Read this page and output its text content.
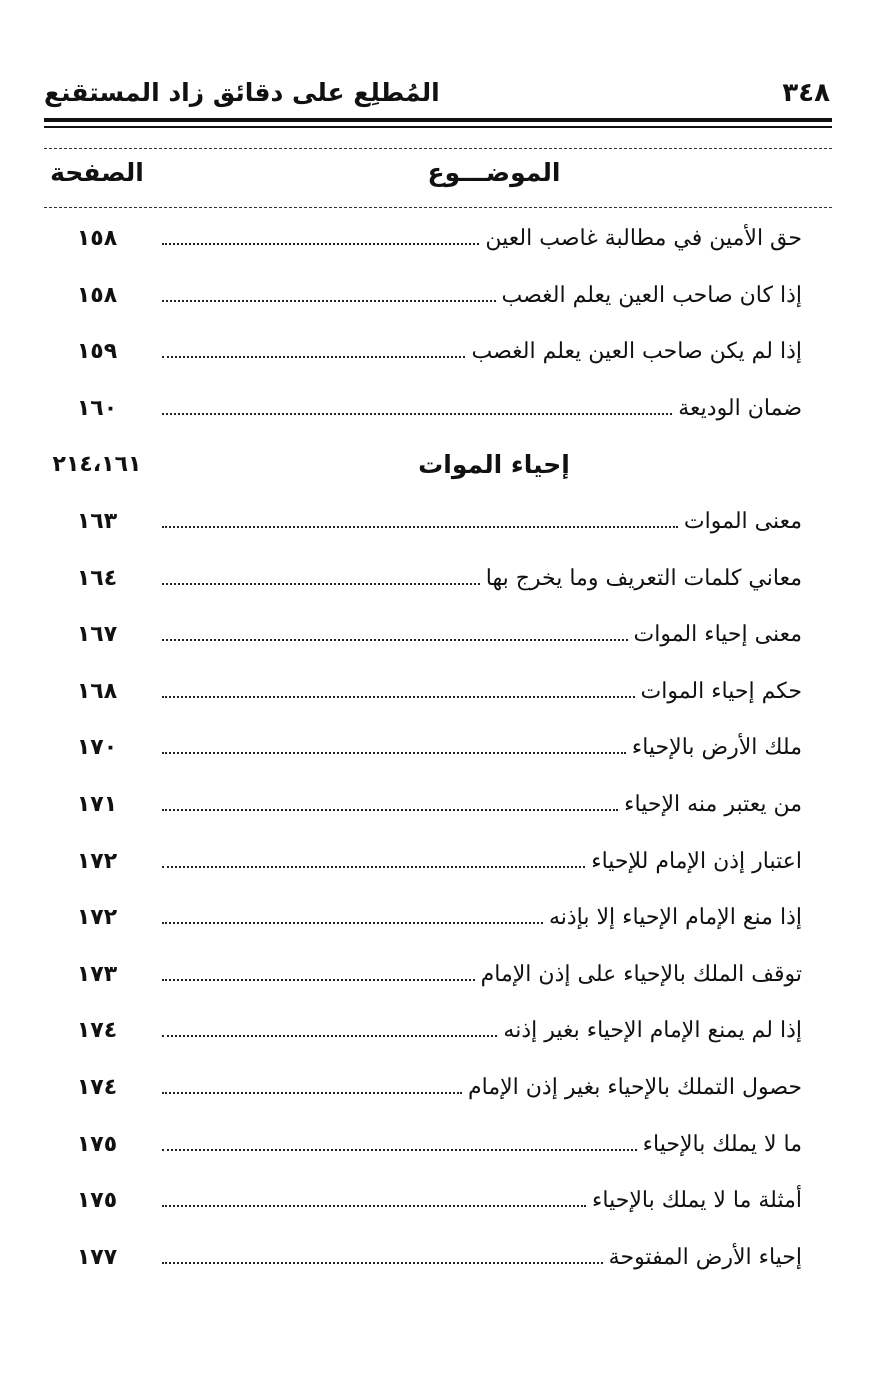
٣٤٨
المُطلِع على دقائق زاد المستقنع
الموضـــوع
الصفحة
حق الأمين في مطالبة غاصب العين
١٥٨
إذا كان صاحب العين يعلم الغصب
١٥٨
إذا لم يكن صاحب العين يعلم الغصب
١٥٩
ضمان الوديعة
١٦٠
إحياء الموات
٢١٤،١٦١
معنى الموات
١٦٣
معاني كلمات التعريف وما يخرج بها
١٦٤
معنى إحياء الموات
١٦٧
حكم إحياء الموات
١٦٨
ملك الأرض بالإحياء
١٧٠
من يعتبر منه الإحياء
١٧١
اعتبار إذن الإمام للإحياء
١٧٢
إذا منع الإمام الإحياء إلا بإذنه
١٧٢
توقف الملك بالإحياء على إذن الإمام
١٧٣
إذا لم يمنع الإمام الإحياء بغير إذنه
١٧٤
حصول التملك بالإحياء بغير إذن الإمام
١٧٤
ما لا يملك بالإحياء
١٧٥
أمثلة ما لا يملك بالإحياء
١٧٥
إحياء الأرض المفتوحة
١٧٧
